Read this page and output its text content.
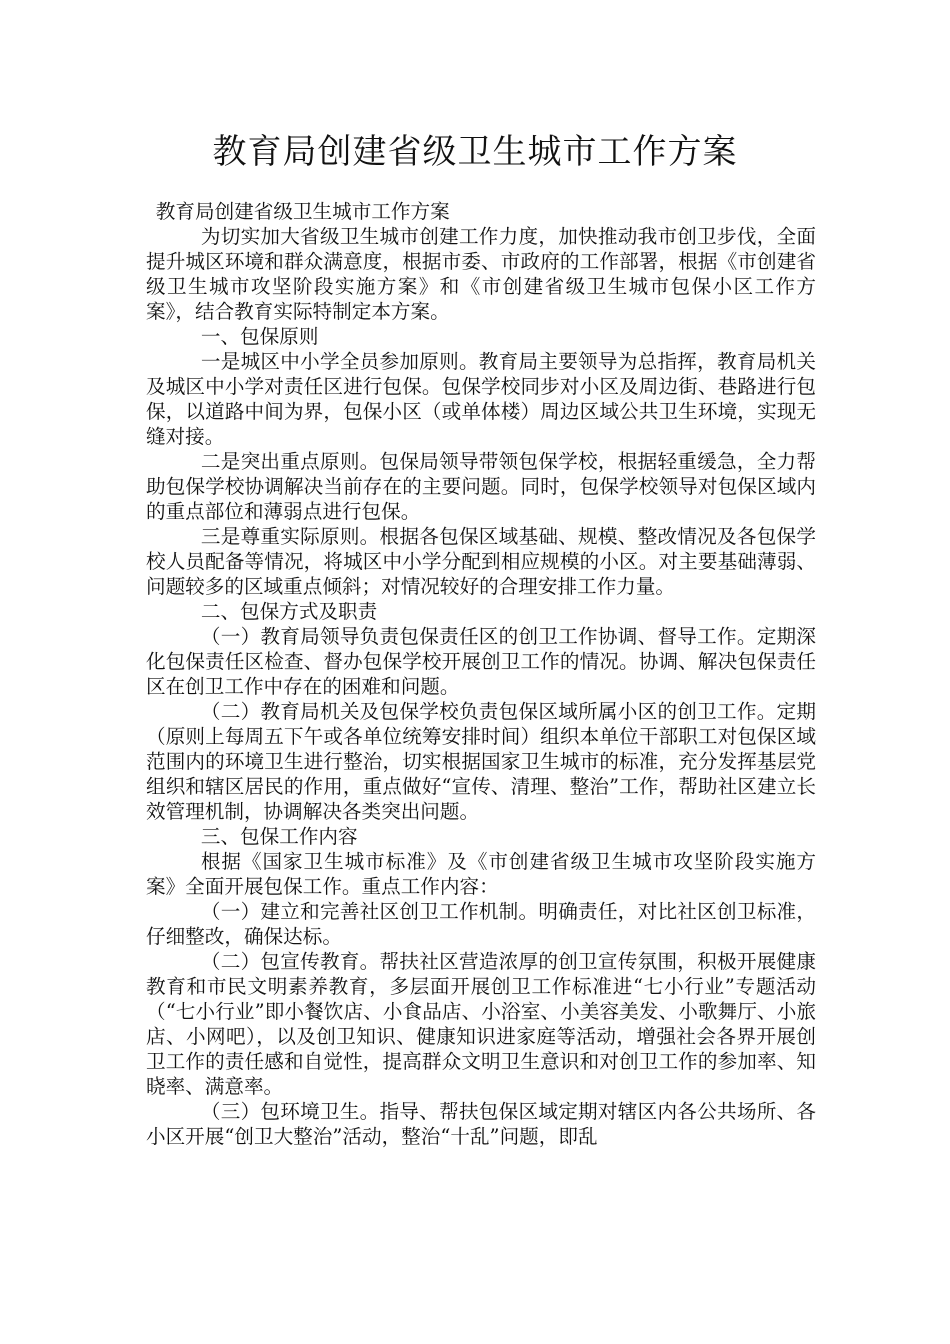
教育局创建省级卫生城市工作方案

教育局创建省级卫生城市工作方案

为切实加大省级卫生城市创建工作力度，加快推动我市创卫步伐，全面提升城区环境和群众满意度，根据市委、市政府的工作部署，根据《市创建省级卫生城市攻坚阶段实施方案》和《市创建省级卫生城市包保小区工作方案》，结合教育实际特制定本方案。

一、包保原则

一是城区中小学全员参加原则。教育局主要领导为总指挥，教育局机关及城区中小学对责任区进行包保。包保学校同步对小区及周边街、巷路进行包保，以道路中间为界，包保小区（或单体楼）周边区域公共卫生环境，实现无缝对接。

二是突出重点原则。包保局领导带领包保学校，根据轻重缓急，全力帮助包保学校协调解决当前存在的主要问题。同时，包保学校领导对包保区域内的重点部位和薄弱点进行包保。

三是尊重实际原则。根据各包保区域基础、规模、整改情况及各包保学校人员配备等情况，将城区中小学分配到相应规模的小区。对主要基础薄弱、问题较多的区域重点倾斜；对情况较好的合理安排工作力量。

二、包保方式及职责

（一）教育局领导负责包保责任区的创卫工作协调、督导工作。定期深化包保责任区检查、督办包保学校开展创卫工作的情况。协调、解决包保责任区在创卫工作中存在的困难和问题。

（二）教育局机关及包保学校负责包保区域所属小区的创卫工作。定期（原则上每周五下午或各单位统筹安排时间）组织本单位干部职工对包保区域范围内的环境卫生进行整治，切实根据国家卫生城市的标准，充分发挥基层党组织和辖区居民的作用，重点做好“宣传、清理、整治”工作，帮助社区建立长效管理机制，协调解决各类突出问题。

三、包保工作内容

根据《国家卫生城市标准》及《市创建省级卫生城市攻坚阶段实施方案》全面开展包保工作。重点工作内容：

（一）建立和完善社区创卫工作机制。明确责任，对比社区创卫标准，仔细整改，确保达标。

（二）包宣传教育。帮扶社区营造浓厚的创卫宣传氛围，积极开展健康教育和市民文明素养教育，多层面开展创卫工作标准进“七小行业”专题活动（“七小行业”即小餐饮店、小食品店、小浴室、小美容美发、小歌舞厅、小旅店、小网吧），以及创卫知识、健康知识进家庭等活动，增强社会各界开展创卫工作的责任感和自觉性，提高群众文明卫生意识和对创卫工作的参加率、知晓率、满意率。

（三）包环境卫生。指导、帮扶包保区域定期对辖区内各公共场所、各小区开展“创卫大整治”活动，整治“十乱”问题，即乱
